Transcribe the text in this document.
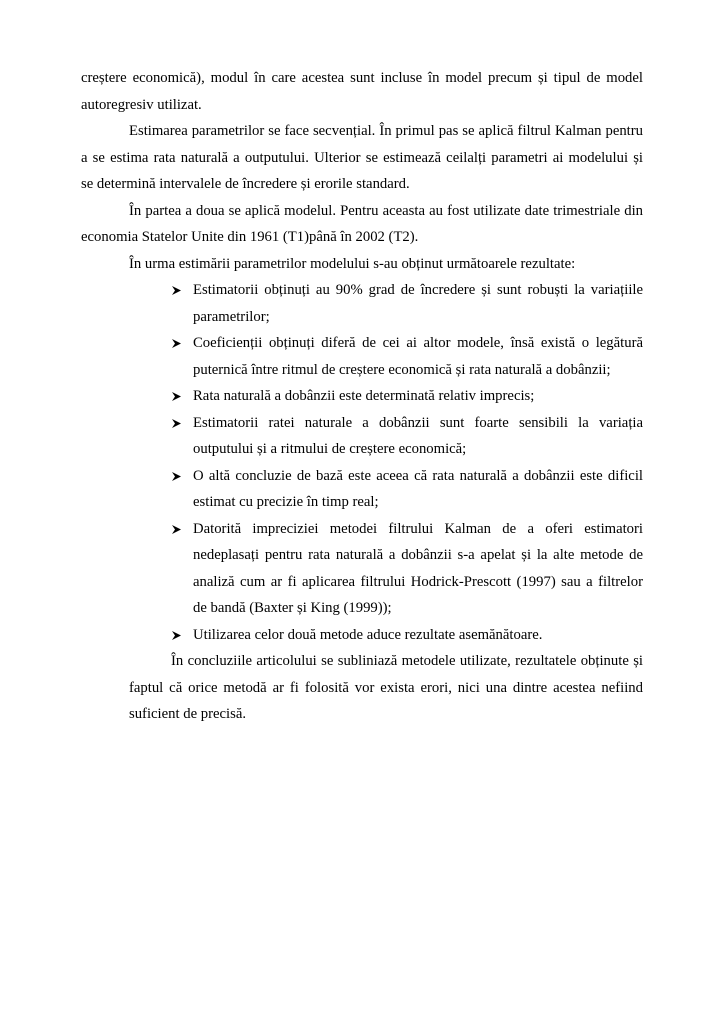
creștere economică), modul în care acestea sunt incluse în model precum și tipul de model
autoregresiv utilizat.
Estimarea parametrilor se face secvențial. În primul pas se aplică filtrul Kalman pentru
a se estima rata naturală a outputului. Ulterior se estimează ceilalți parametri ai modelului și
se determină intervalele de încredere și erorile standard.
În partea a doua se aplică modelul. Pentru aceasta au fost utilizate date trimestriale din
economia Statelor Unite din 1961 (T1)până în 2002 (T2).
În urma estimării parametrilor modelului s-au obținut următoarele rezultate:
Estimatorii obținuți au 90% grad de încredere și sunt robuști la variațiile
parametrilor;
Coeficienții obținuți diferă de cei ai altor modele, însă există o legătură
puternică între ritmul de creștere economică și rata naturală a dobânzii;
Rata naturală a dobânzii este determinată relativ imprecis;
Estimatorii ratei naturale a dobânzii sunt foarte sensibili la variația
outputului și a ritmului de creștere economică;
O altă concluzie de bază este aceea că rata naturală a dobânzii este dificil
estimat cu precizie în timp real;
Datorită impreciziei metodei filtrului Kalman de a oferi estimatori
nedeplasați pentru rata naturală a dobânzii s-a apelat și la alte metode de
analiză cum ar fi aplicarea filtrului Hodrick-Prescott (1997) sau a filtrelor
de bandă (Baxter și King (1999));
Utilizarea celor două metode aduce rezultate asemănătoare.
În concluziile articolului se subliniază metodele utilizate, rezultatele obținute și
faptul că orice metodă ar fi folosită vor exista erori, nici una dintre acestea nefiind
suficient de precisă.
